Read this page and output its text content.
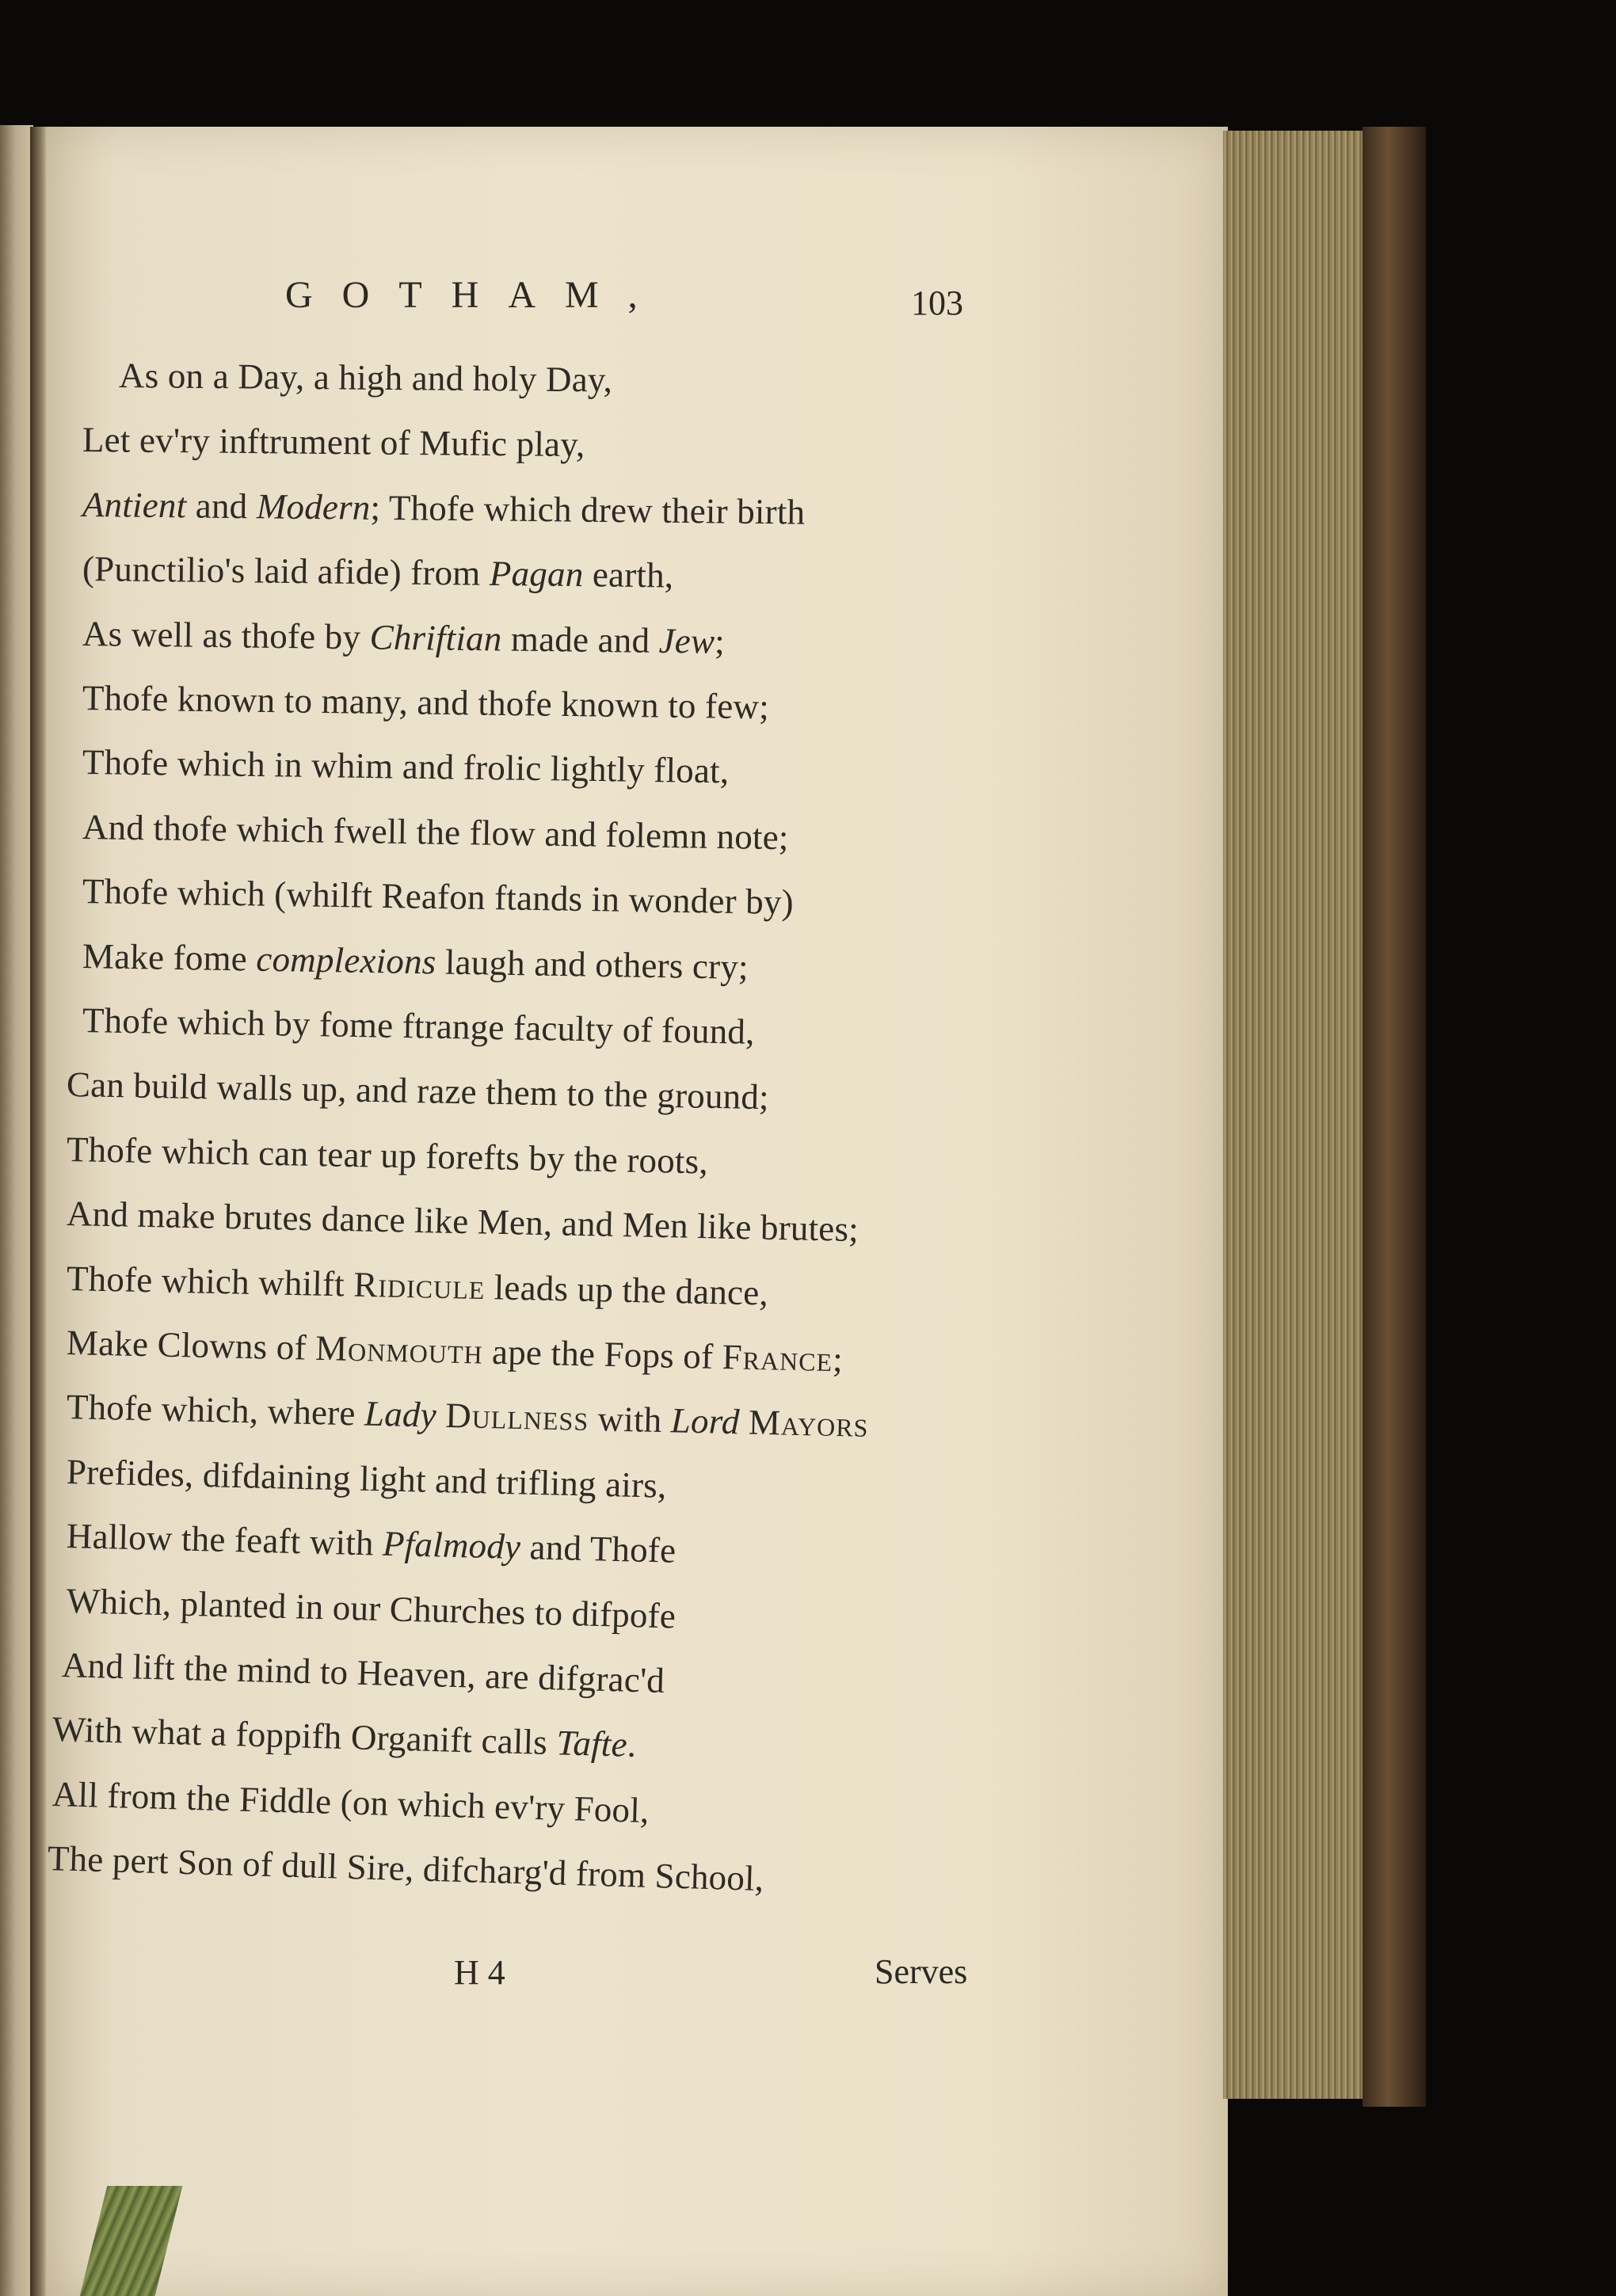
GOTHAM,	103
As on a Day, a high and holy Day,
Let ev'ry inftrument of Mufic play,
Antient and Modern; Thofe which drew their birth
(Punctilio's laid afide) from Pagan earth,
As well as thofe by Chriftian made and Jew;
Thofe known to many, and thofe known to few;
Thofe which in whim and frolic lightly float,
And thofe which fwell the flow and folemn note;
Thofe which (whilft Reafon ftands in wonder by)
Make fome complexions laugh and others cry;
Thofe which by fome ftrange faculty of found,
Can build walls up, and raze them to the ground;
Thofe which can tear up forefts by the roots,
And make brutes dance like Men, and Men like brutes;
Thofe which whilft Ridicule leads up the dance,
Make Clowns of Monmouth ape the Fops of France;
Thofe which, where Lady Dullness with Lord Mayors
Prefides, difdaining light and trifling airs,
Hallow the feaft with Pfalmody and Thofe
Which, planted in our Churches to difpofe
And lift the mind to Heaven, are difgrac'd
With what a foppifh Organift calls Tafte.
All from the Fiddle (on which ev'ry Fool,
The pert Son of dull Sire, difcharg'd from School,
H 4	Serves
